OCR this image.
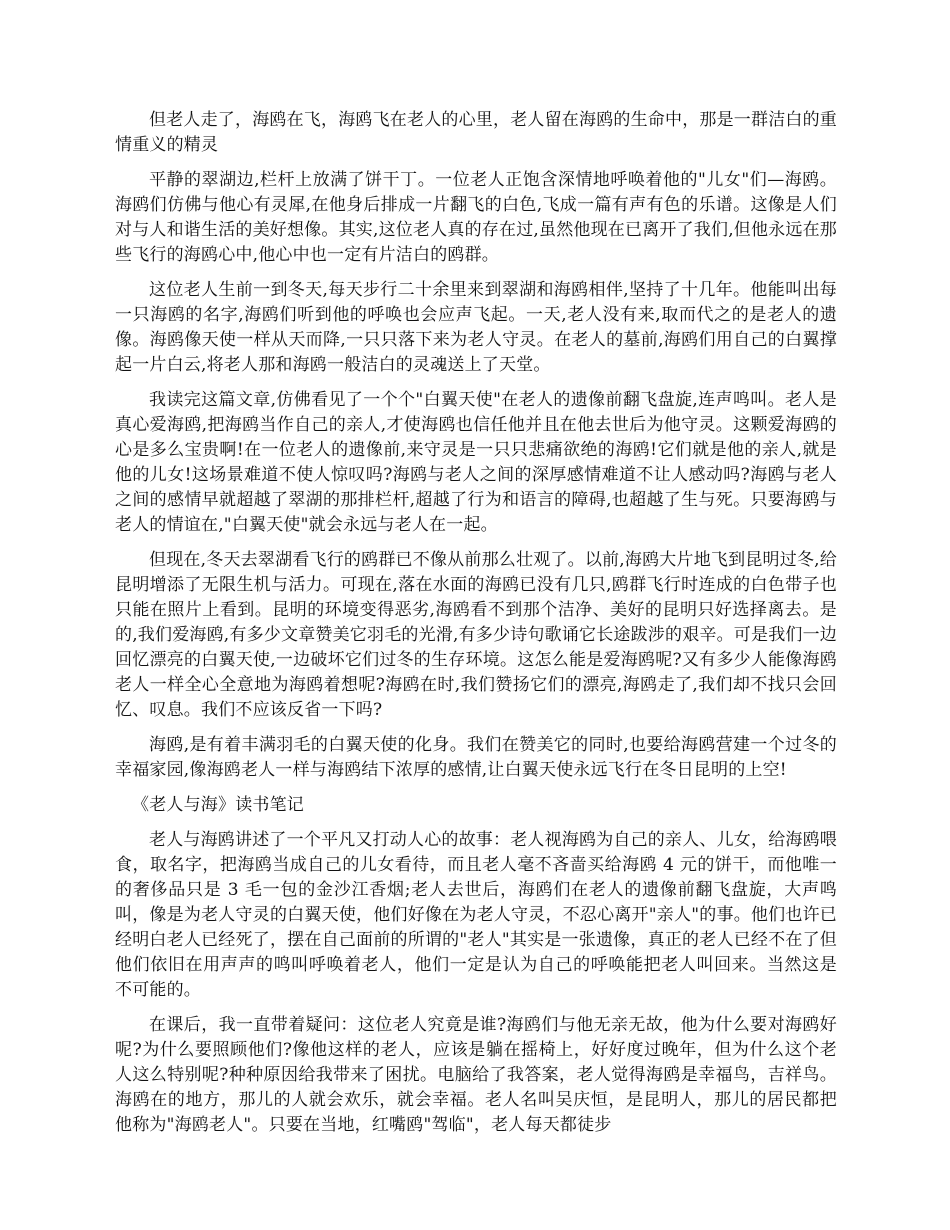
但老人走了，海鸥在飞，海鸥飞在老人的心里，老人留在海鸥的生命中，那是一群洁白的重情重义的精灵

平静的翠湖边,栏杆上放满了饼干丁。一位老人正饱含深情地呼唤着他的"儿女"们—海鸥。海鸥们仿佛与他心有灵犀,在他身后排成一片翻飞的白色,飞成一篇有声有色的乐谱。这像是人们对与人和谐生活的美好想像。其实,这位老人真的存在过,虽然他现在已离开了我们,但他永远在那些飞行的海鸥心中,他心中也一定有片洁白的鸥群。

这位老人生前一到冬天,每天步行二十余里来到翠湖和海鸥相伴,坚持了十几年。他能叫出每一只海鸥的名字,海鸥们听到他的呼唤也会应声飞起。一天,老人没有来,取而代之的是老人的遗像。海鸥像天使一样从天而降,一只只落下来为老人守灵。在老人的墓前,海鸥们用自己的白翼撑起一片白云,将老人那和海鸥一般洁白的灵魂送上了天堂。

我读完这篇文章,仿佛看见了一个个"白翼天使"在老人的遗像前翻飞盘旋,连声鸣叫。老人是真心爱海鸥,把海鸥当作自己的亲人,才使海鸥也信任他并且在他去世后为他守灵。这颗爱海鸥的心是多么宝贵啊!在一位老人的遗像前,来守灵是一只只悲痛欲绝的海鸥!它们就是他的亲人,就是他的儿女!这场景难道不使人惊叹吗?海鸥与老人之间的深厚感情难道不让人感动吗?海鸥与老人之间的感情早就超越了翠湖的那排栏杆,超越了行为和语言的障碍,也超越了生与死。只要海鸥与老人的情谊在,"白翼天使"就会永远与老人在一起。

但现在,冬天去翠湖看飞行的鸥群已不像从前那么壮观了。以前,海鸥大片地飞到昆明过冬,给昆明增添了无限生机与活力。可现在,落在水面的海鸥已没有几只,鸥群飞行时连成的白色带子也只能在照片上看到。昆明的环境变得恶劣,海鸥看不到那个洁净、美好的昆明只好选择离去。是的,我们爱海鸥,有多少文章赞美它羽毛的光滑,有多少诗句歌诵它长途跋涉的艰辛。可是我们一边回忆漂亮的白翼天使,一边破坏它们过冬的生存环境。这怎么能是爱海鸥呢?又有多少人能像海鸥老人一样全心全意地为海鸥着想呢?海鸥在时,我们赞扬它们的漂亮,海鸥走了,我们却不找只会回忆、叹息。我们不应该反省一下吗?

海鸥,是有着丰满羽毛的白翼天使的化身。我们在赞美它的同时,也要给海鸥营建一个过冬的幸福家园,像海鸥老人一样与海鸥结下浓厚的感情,让白翼天使永远飞行在冬日昆明的上空!

《老人与海》读书笔记

老人与海鸥讲述了一个平凡又打动人心的故事：老人视海鸥为自己的亲人、儿女，给海鸥喂食，取名字，把海鸥当成自己的儿女看待，而且老人毫不吝啬买给海鸥 4 元的饼干，而他唯一的奢侈品只是 3 毛一包的金沙江香烟;老人去世后，海鸥们在老人的遗像前翻飞盘旋，大声鸣叫，像是为老人守灵的白翼天使，他们好像在为老人守灵，不忍心离开"亲人"的事。他们也许已经明白老人已经死了，摆在自己面前的所谓的"老人"其实是一张遗像，真正的老人已经不在了但他们依旧在用声声的鸣叫呼唤着老人，他们一定是认为自己的呼唤能把老人叫回来。当然这是不可能的。

在课后，我一直带着疑问：这位老人究竟是谁?海鸥们与他无亲无故，他为什么要对海鸥好呢?为什么要照顾他们?像他这样的老人，应该是躺在摇椅上，好好度过晚年，但为什么这个老人这么特别呢?种种原因给我带来了困扰。电脑给了我答案，老人觉得海鸥是幸福鸟，吉祥鸟。海鸥在的地方，那儿的人就会欢乐，就会幸福。老人名叫吴庆恒，是昆明人，那儿的居民都把他称为"海鸥老人"。只要在当地，红嘴鸥"驾临"，老人每天都徒步
